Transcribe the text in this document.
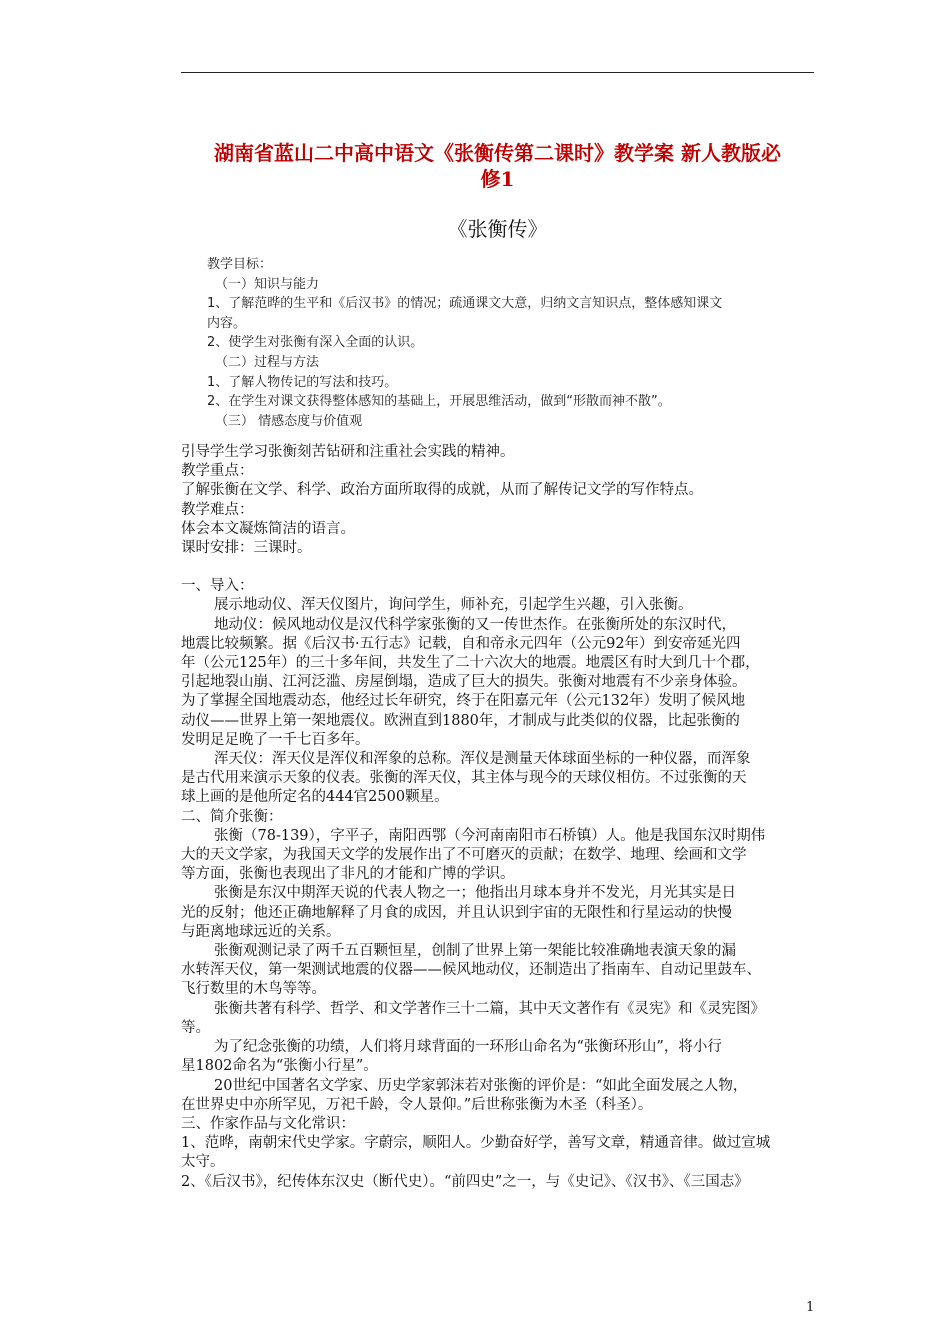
湖南省蓝山二中高中语文《张衡传第二课时》教学案 新人教版必
修1
《张衡传》
教学目标：
（一）知识与能力
1、了解范晔的生平和《后汉书》的情况；疏通课文大意，归纳文言知识点，整体感知课文
内容。
2、使学生对张衡有深入全面的认识。
（二）过程与方法
1、了解人物传记的写法和技巧。
2、在学生对课文获得整体感知的基础上，开展思维活动，做到“形散而神不散”。
（三） 情感态度与价值观

引导学生学习张衡刻苦钻研和注重社会实践的精神。

教学重点：

了解张衡在文学、科学、政治方面所取得的成就，从而了解传记文学的写作特点。

教学难点：

体会本文凝炼简洁的语言。

课时安排：三课时。

一、导入：

展示地动仪、浑天仪图片，询问学生，师补充，引起学生兴趣，引入张衡。

地动仪：候风地动仪是汉代科学家张衡的又一传世杰作。在张衡所处的东汉时代，

地震比较频繁。据《后汉书·五行志》记载，自和帝永元四年（公元92年）到安帝延光四

年（公元125年）的三十多年间，共发生了二十六次大的地震。地震区有时大到几十个郡，

引起地裂山崩、江河泛滥、房屋倒塌，造成了巨大的损失。张衡对地震有不少亲身体验。

为了掌握全国地震动态，他经过长年研究，终于在阳嘉元年（公元132年）发明了候风地

动仪——世界上第一架地震仪。欧洲直到1880年，才制成与此类似的仪器，比起张衡的

发明足足晚了一千七百多年。

浑天仪：浑天仪是浑仪和浑象的总称。浑仪是测量天体球面坐标的一种仪器，而浑象

是古代用来演示天象的仪表。张衡的浑天仪，其主体与现今的天球仪相仿。不过张衡的天

球上画的是他所定名的444官2500颗星。

二、简介张衡：

张衡（78-139），字平子，南阳西鄂（今河南南阳市石桥镇）人。他是我国东汉时期伟

大的天文学家，为我国天文学的发展作出了不可磨灭的贡献；在数学、地理、绘画和文学

等方面，张衡也表现出了非凡的才能和广博的学识。

张衡是东汉中期浑天说的代表人物之一；他指出月球本身并不发光，月光其实是日

光的反射；他还正确地解释了月食的成因，并且认识到宇宙的无限性和行星运动的快慢

与距离地球远近的关系。

张衡观测记录了两千五百颗恒星，创制了世界上第一架能比较准确地表演天象的漏

水转浑天仪，第一架测试地震的仪器——候风地动仪，还制造出了指南车、自动记里鼓车、

飞行数里的木鸟等等。

张衡共著有科学、哲学、和文学著作三十二篇，其中天文著作有《灵宪》和《灵宪图》

等。

为了纪念张衡的功绩，人们将月球背面的一环形山命名为“张衡环形山”，将小行

星1802命名为“张衡小行星”。

20世纪中国著名文学家、历史学家郭沫若对张衡的评价是：“如此全面发展之人物，

在世界史中亦所罕见，万祀千龄，令人景仰。”后世称张衡为木圣（科圣）。

三、作家作品与文化常识：

1、范晔，南朝宋代史学家。字蔚宗，顺阳人。少勤奋好学，善写文章，精通音律。做过宣城

太守。

2、《后汉书》，纪传体东汉史（断代史）。“前四史”之一，与《史记》、《汉书》、《三国志》

1
